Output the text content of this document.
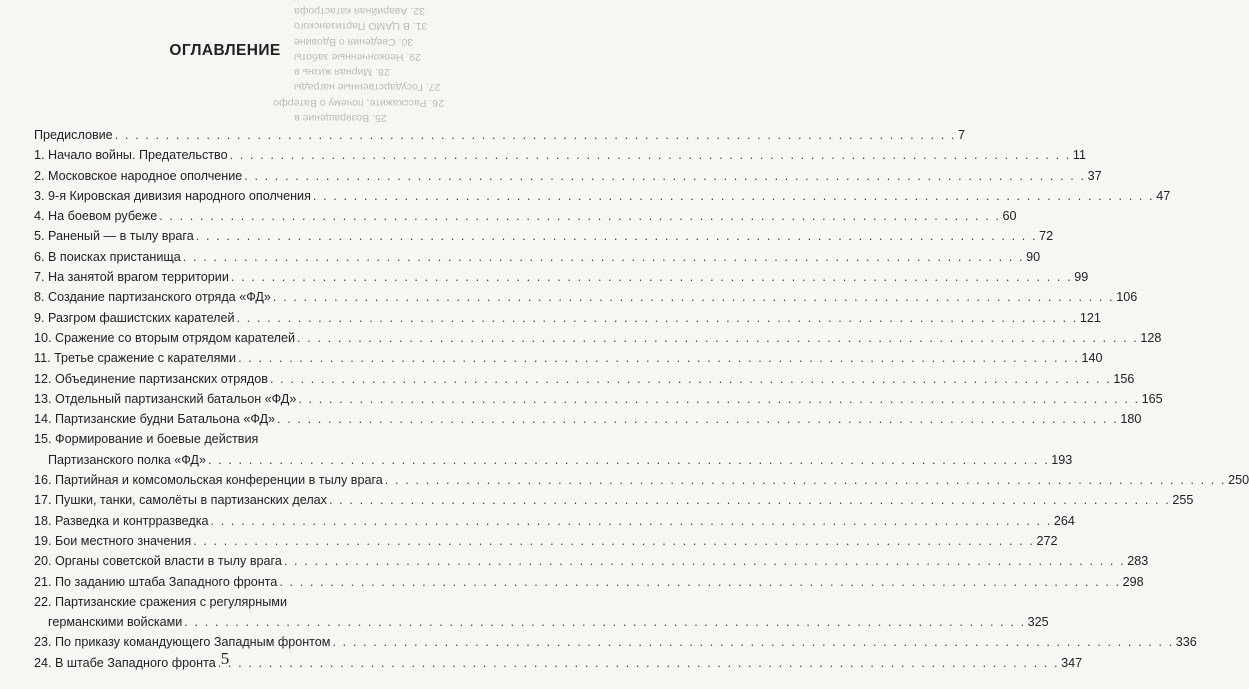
25. Возвращение в
26. Расскажите, почему о Ватерфо
27. Государственные награды
28. Мирная жизнь в
29. Неоконченные заботы
30. Сведения о Вдовине
31. В ЦАМО Партизанского
32. Аварийная катастрофа
ОГЛАВЛЕНИЕ
Предисловие . . .	7
1. Начало войны. Предательство . . .	11
2. Московское народное ополчение . . .	37
3. 9-я Кировская дивизия народного ополчения . . .	47
4. На боевом рубеже . . .	60
5. Раненый — в тылу врага . . .	72
6. В поисках пристанища . . .	90
7. На занятой врагом территории . . .	99
8. Создание партизанского отряда «ФД» . . .	106
9. Разгром фашистских карателей . . .	121
10. Сражение со вторым отрядом карателей . . .	128
11. Третье сражение с карателями . . .	140
12. Объединение партизанских отрядов . . .	156
13. Отдельный партизанский батальон «ФД» . . .	165
14. Партизанские будни Батальона «ФД» . . .	180
15. Формирование и боевые действия
Партизанского полка «ФД» . . .	193
16. Партийная и комсомольская конференции в тылу врага . . .	250
17. Пушки, танки, самолёты в партизанских делах . . .	255
18. Разведка и контрразведка . . .	264
19. Бои местного значения . . .	272
20. Органы советской власти в тылу врага . . .	283
21. По заданию штаба Западного фронта . . .	298
22. Партизанские сражения с регулярными
германскими войсками . . .	325
23. По приказу командующего Западным фронтом . . .	336
24. В штабе Западного фронта . . .	347
5
